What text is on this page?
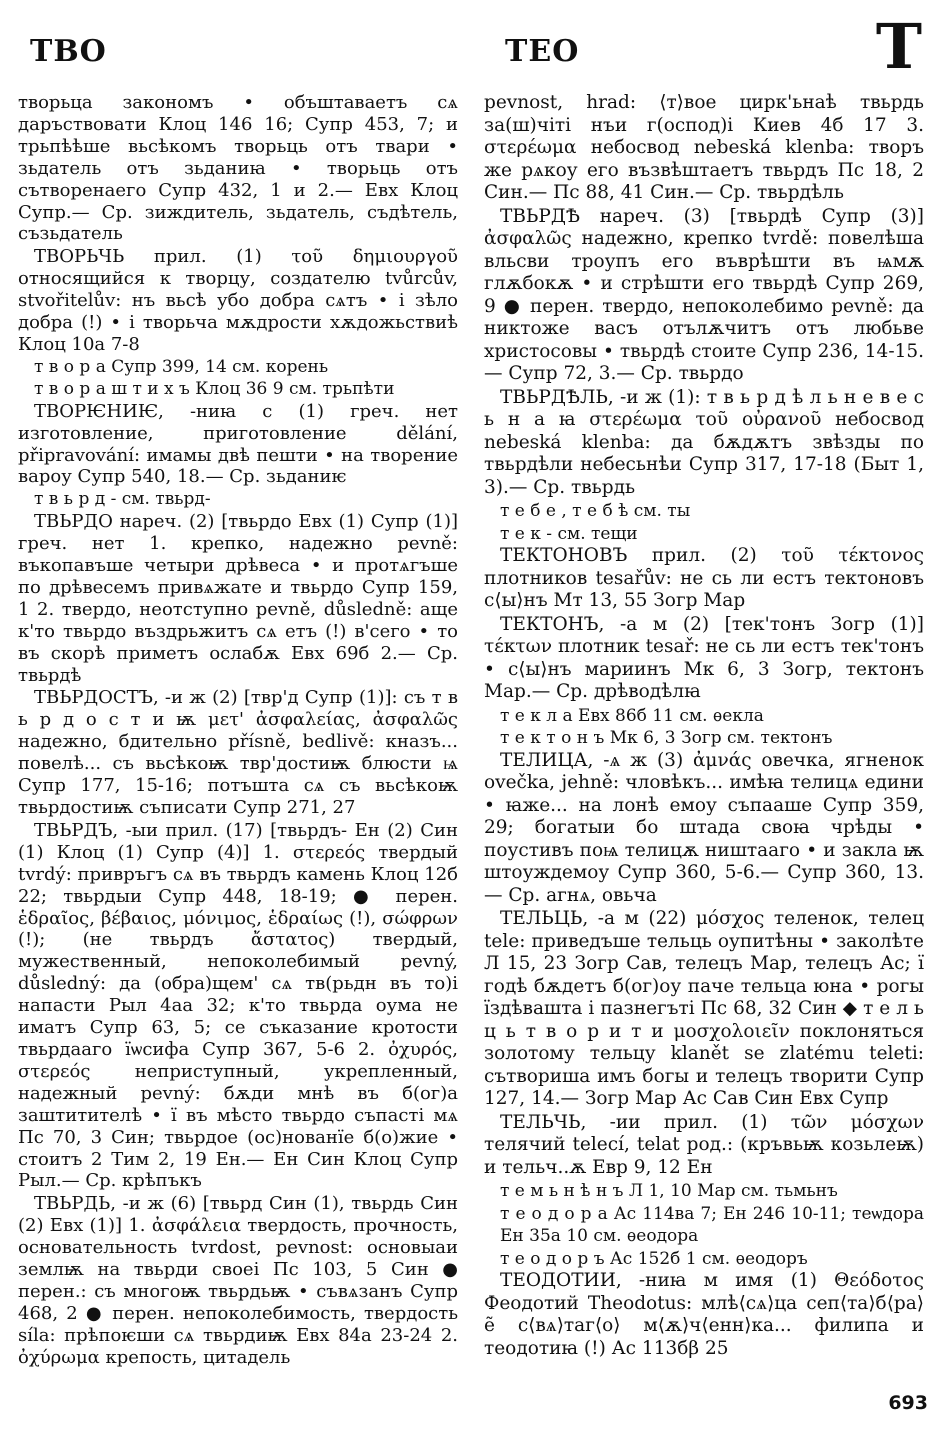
ТВО	ТЕО	Т

творьца закономъ • объштаваетъ сѧ даръствовати Клоц 146 16; Супр 453, 7; и трьпѣѣше вьсѣкомъ творьць отъ твари • зьдатель отъ зьданиꙗ • творьць отъ сътворенаего Супр 432, 1 и 2.— Евх Клоц Супр.— Ср. зиждитель, зьдатель, съдѣтель, съзьдатель

ТВОРЬЧЬ прил. (1) τοῦ δημιουργοῦ относящийся к творцу, создателю tvůrcův, stvořitelův: нъ вьсѣ убо добра сѧтъ • і зѣло добра (!) • і творьча мѫдрости хѫдожьствиѣ Клоц 10а 7-8

т в о р а Супр 399, 14 см. корень

т в о р а ш т и х ъ Клоц 36 9 см. трьпѣти

ТВОРѤНИѤ, -ниꙗ с (1) греч. нет изготовление, приготовление dělání, připravování: имамы двѣ пешти • на творение вароу Супр 540, 18.— Ср. зьданиѥ

т в ь р д - см. твьрд-

ТВЬРДО нареч. (2) [твьрдо Евх (1) Супр (1)] греч. нет 1. крепко, надежно pevně: въкопавъше четыри дрѣвеса • и протѧгъше по дрѣвесемъ привѧжате и твьрдо Супр 159, 1 2. твердо, неотступно pevně, důsledně: аще к'то твьрдо въздрьжитъ сѧ етъ (!) в'сего • то въ скорѣ приметъ ослабѫ Евх 69б 2.— Ср. твьрдѣ

ТВЬРДОСТЪ, -и ж (2) [твр'д Супр (1)]: съ т в ь р д о с т и ѭ μετ' ἀσφαλείας, ἀσφαλῶς надежно, бдительно přísně, bedlivě: кназъ... повелѣ... съ вьсѣкоѭ твр'достиѭ блюсти ѩ Супр 177, 15-16; потъшта сѧ съ вьсѣкоѭ твьрдостиѭ съписати Супр 271, 27

ТВЬРДЪ, -ыи прил. (17) [твьрдъ- Ен (2) Син (1) Клоц (1) Супр (4)] 1. στερεός твердый tvrdý: привръгъ сѧ въ твьрдъ камень Клоц 12б 22; твьрдыи Супр 448, 18-19; ● перен. ἑδραῖος, βέβαιος, μόνιμος, ἑδραίως (!), σώφρων (!); (не твьрдъ ἄστατος) твердый, мужественный, непоколебимый pevný, důsledný: да (обра)щем' сѧ тв(рьдн въ то)і напасти Рыл 4аа 32; к'то твьрда оума не иматъ Супр 63, 5; се съказание кротости твьрдааго їѡсифа Супр 367, 5-6 2. ὀχυρός, στερεός неприступный, укрепленный, надежный pevný: бѫди мнѣ въ б(ог)а заштитителѣ • ї въ мѣсто твьрдо съпасті мѧ Пс 70, 3 Син; твьрдое (ос)нованїе б(о)жие • стоитъ 2 Тим 2, 19 Ен.— Ен Син Клоц Супр Рыл.— Ср. крѣпъкъ

ТВЬРДЬ, -и ж (6) [твьрд Син (1), твьрдь Син (2) Евх (1)] 1. ἀσφάλεια твердость, прочность, основательность tvrdost, pevnost: основыаи землѭ на твьрди своеі Пс 103, 5 Син ● перен.: съ многоѭ твьрдьѭ • съвѧзанъ Супр 468, 2 ● перен. непоколебимость, твердость síla: прѣпоѥши сѧ твьрдиѭ Евх 84а 23-24 2. ὀχύρωμα крепость, цитадель

pevnost, hrad: ⟨т⟩вое цирк'ьнаѣ твьрдь за(ш)чіті нъи г(оспод)і Киев 4б 17 3. στερέωμα небосвод nebeská klenba: творъ же рѧкоу его възвѣштаетъ твьрдъ Пс 18, 2 Син.— Пс 88, 41 Син.— Ср. твьрдѣль

ТВЬРДѢ нареч. (3) [твьрдѣ Супр (3)] ἀσφαλῶς надежно, крепко tvrdě: повелѣша вльсви троупъ его въврѣшти въ ѩмѫ глѫбокѫ • и стрѣшти его твьрдѣ Супр 269, 9 ● перен. твердо, непоколебимо pevně: да никтоже васъ отълѫчитъ отъ любьве христосовы • твьрдѣ стоите Супр 236, 14-15.— Супр 72, 3.— Ср. твьрдо

ТВЬРДѢЛЬ, -и ж (1): т в ь р д ѣ л ь н е в е с ь н а ꙗ στερέωμα τοῦ οὐρανοῦ небосвод nebeská klenba: да бѫдѫтъ звѣзды по твьрдѣли небесьнѣи Супр 317, 17-18 (Быт 1, 3).— Ср. твьрдь

т е б е , т е б ѣ см. ты

т е к - см. тещи

ТЕКТОНОВЪ прил. (2) τοῦ τέκτονος плотников tesařův: не сь ли естъ тектоновъ с⟨ы⟩нъ Мт 13, 55 Зогр Мар

ТЕКТОНЪ, -а м (2) [тек'тонъ Зогр (1)] τέκτων плотник tesař: не сь ли естъ тек'тонъ • с⟨ы⟩нъ мариинъ Мк 6, 3 Зогр, тектонъ Мар.— Ср. дрѣводѣлꙗ

т е к л а Евх 86б 11 см. ѳекла

т е к т о н ъ Мк 6, 3 Зогр см. тектонъ

ТЕЛИЦА, -ѧ ж (3) ἀμνάς овечка, ягненок ovečka, jehně: чловѣкъ... имѣꙗ телицѧ едини • ꙗже... на лонѣ емоу съпааше Супр 359, 29; богатыи бо штада своꙗ чрѣды • поустивъ поѩ телицѫ ништааго • и закла ѭ штоуждемоу Супр 360, 5-6.— Супр 360, 13.— Ср. агнѧ, овьча

ТЕЛЬЦЬ, -а м (22) μόσχος теленок, телец tele: приведъше тельць оупитѣны • заколѣте Л 15, 23 Зогр Сав, телецъ Мар, телецъ Ас; ї годѣ бѫдетъ б(ог)оу паче тельца юна • рогы їздѣвашта і пазнегъті Пс 68, 32 Син ◆ т е л ь ц ь т в о р и т и μοσχολοιεῖν поклоняться золотому тельцу klanět se zlatému teleti: сътвориша имъ богы и телецъ творити Супр 127, 14.— Зогр Мар Ас Сав Син Евх Супр

ТЕЛЬЧЬ, -ии прил. (1) τῶν μόσχων телячий telecí, telat род.: (кръвьѭ козьлеѭ) и тельч..ѫ Евр 9, 12 Ен

т е м ь н ѣ н ъ Л 1, 10 Мар см. тьмьнъ

т е о д о р а Ас 114ва 7; Ен 246 10-11; теѡдора Ен 35а 10 см. ѳеодора

т е о д о р ъ Ас 152б 1 см. ѳеодоръ

ТЕОДОТИИ, -ниꙗ м имя (1) Θεόδοτος Феодотий Theodotus: млѣ⟨сѧ⟩ца сеп⟨та⟩б⟨ра⟩ е̃ с⟨вѧ⟩таг⟨о⟩ м⟨ѫ⟩ч⟨енн⟩ка... филипа и теодотиꙗ (!) Ас 113бβ 25

693
